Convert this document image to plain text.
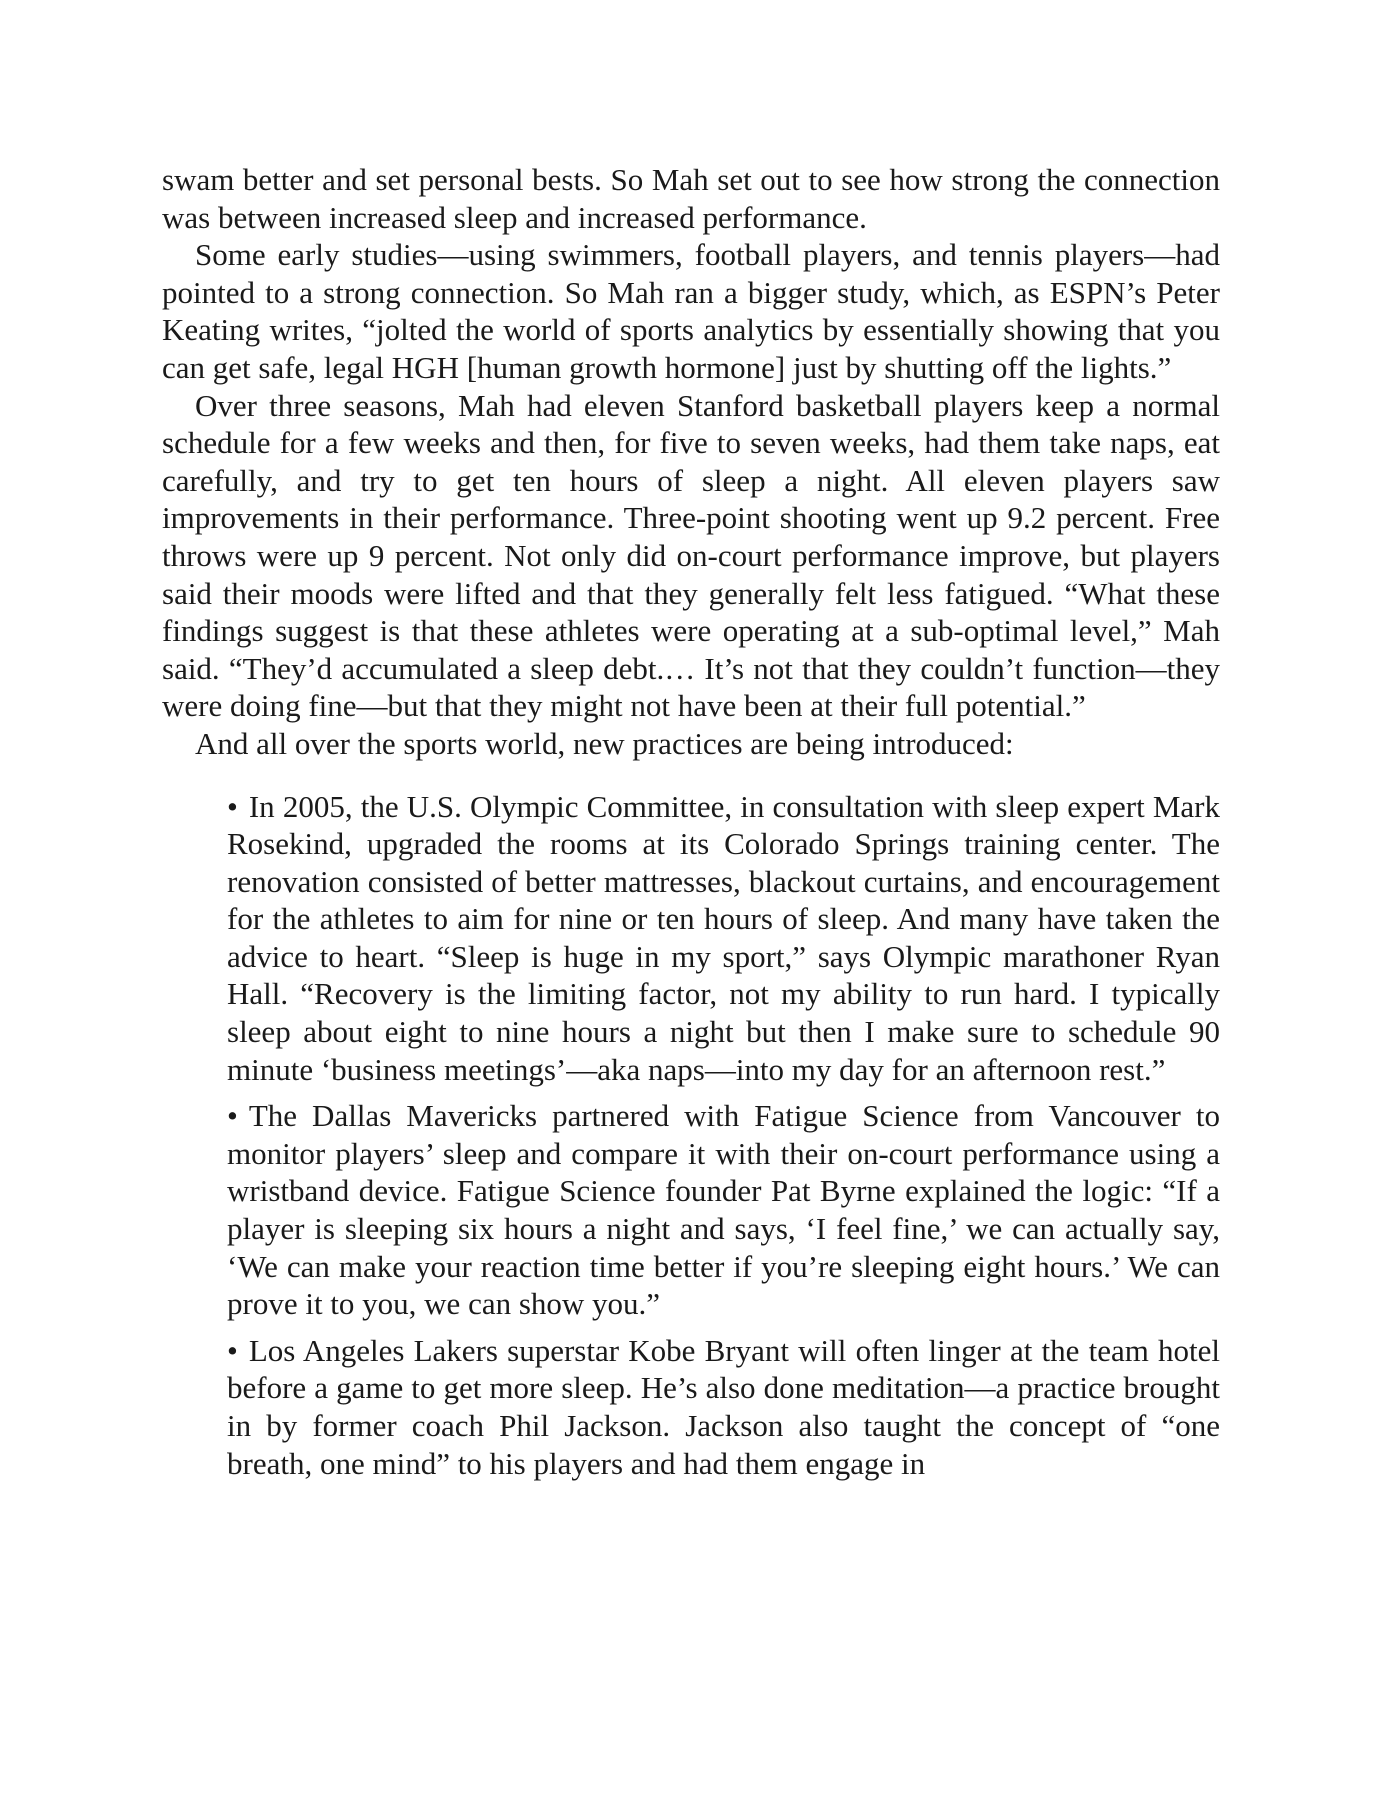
swam better and set personal bests. So Mah set out to see how strong the connection was between increased sleep and increased performance.

Some early studies—using swimmers, football players, and tennis players—had pointed to a strong connection. So Mah ran a bigger study, which, as ESPN’s Peter Keating writes, “jolted the world of sports analytics by essentially showing that you can get safe, legal HGH [human growth hormone] just by shutting off the lights.”

Over three seasons, Mah had eleven Stanford basketball players keep a normal schedule for a few weeks and then, for five to seven weeks, had them take naps, eat carefully, and try to get ten hours of sleep a night. All eleven players saw improvements in their performance. Three-point shooting went up 9.2 percent. Free throws were up 9 percent. Not only did on-court performance improve, but players said their moods were lifted and that they generally felt less fatigued. “What these findings suggest is that these athletes were operating at a sub-optimal level,” Mah said. “They’d accumulated a sleep debt.… It’s not that they couldn’t function—they were doing fine—but that they might not have been at their full potential.”

And all over the sports world, new practices are being introduced:

• In 2005, the U.S. Olympic Committee, in consultation with sleep expert Mark Rosekind, upgraded the rooms at its Colorado Springs training center. The renovation consisted of better mattresses, blackout curtains, and encouragement for the athletes to aim for nine or ten hours of sleep. And many have taken the advice to heart. “Sleep is huge in my sport,” says Olympic marathoner Ryan Hall. “Recovery is the limiting factor, not my ability to run hard. I typically sleep about eight to nine hours a night but then I make sure to schedule 90 minute ‘business meetings’—aka naps—into my day for an afternoon rest.”
• The Dallas Mavericks partnered with Fatigue Science from Vancouver to monitor players’ sleep and compare it with their on-court performance using a wristband device. Fatigue Science founder Pat Byrne explained the logic: “If a player is sleeping six hours a night and says, ‘I feel fine,’ we can actually say, ‘We can make your reaction time better if you’re sleeping eight hours.’ We can prove it to you, we can show you.”
• Los Angeles Lakers superstar Kobe Bryant will often linger at the team hotel before a game to get more sleep. He’s also done meditation—a practice brought in by former coach Phil Jackson. Jackson also taught the concept of “one breath, one mind” to his players and had them engage in
